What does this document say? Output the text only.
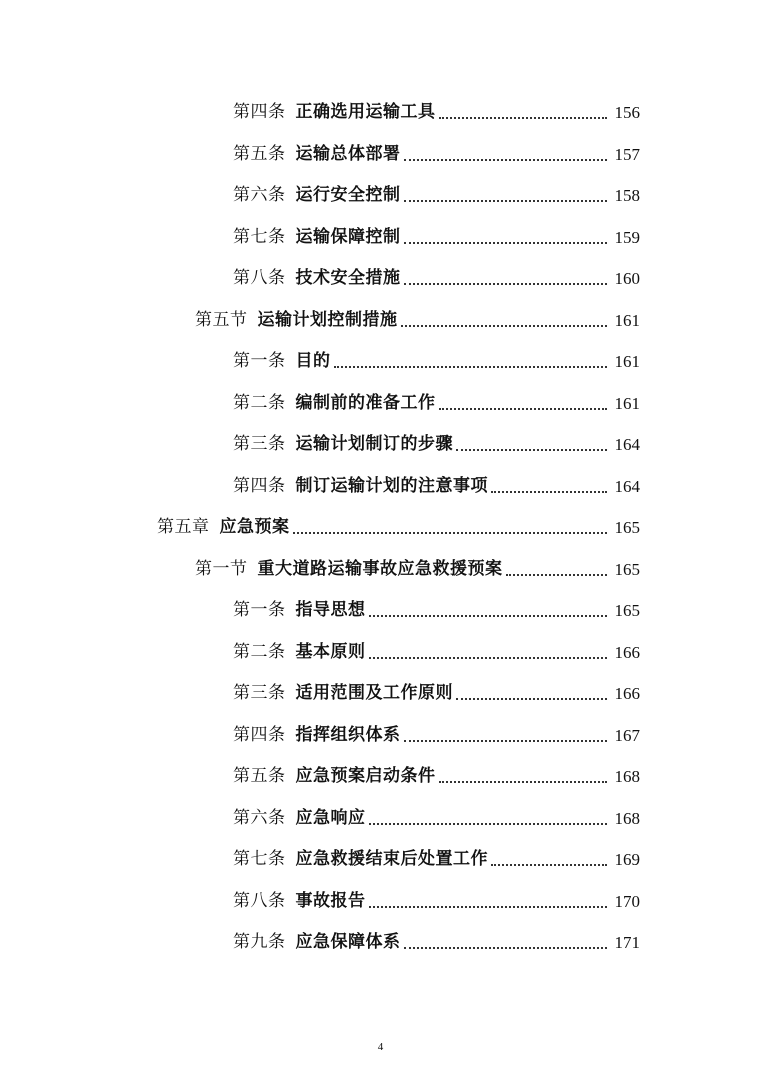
第四条 正确选用运输工具	156
第五条 运输总体部署	157
第六条 运行安全控制	158
第七条 运输保障控制	159
第八条 技术安全措施	160
第五节 运输计划控制措施	161
第一条 目的	161
第二条 编制前的准备工作	161
第三条 运输计划制订的步骤	164
第四条 制订运输计划的注意事项	164
第五章 应急预案	165
第一节 重大道路运输事故应急救援预案	165
第一条 指导思想	165
第二条 基本原则	166
第三条 适用范围及工作原则	166
第四条 指挥组织体系	167
第五条 应急预案启动条件	168
第六条 应急响应	168
第七条 应急救援结束后处置工作	169
第八条 事故报告	170
第九条 应急保障体系	171
4
